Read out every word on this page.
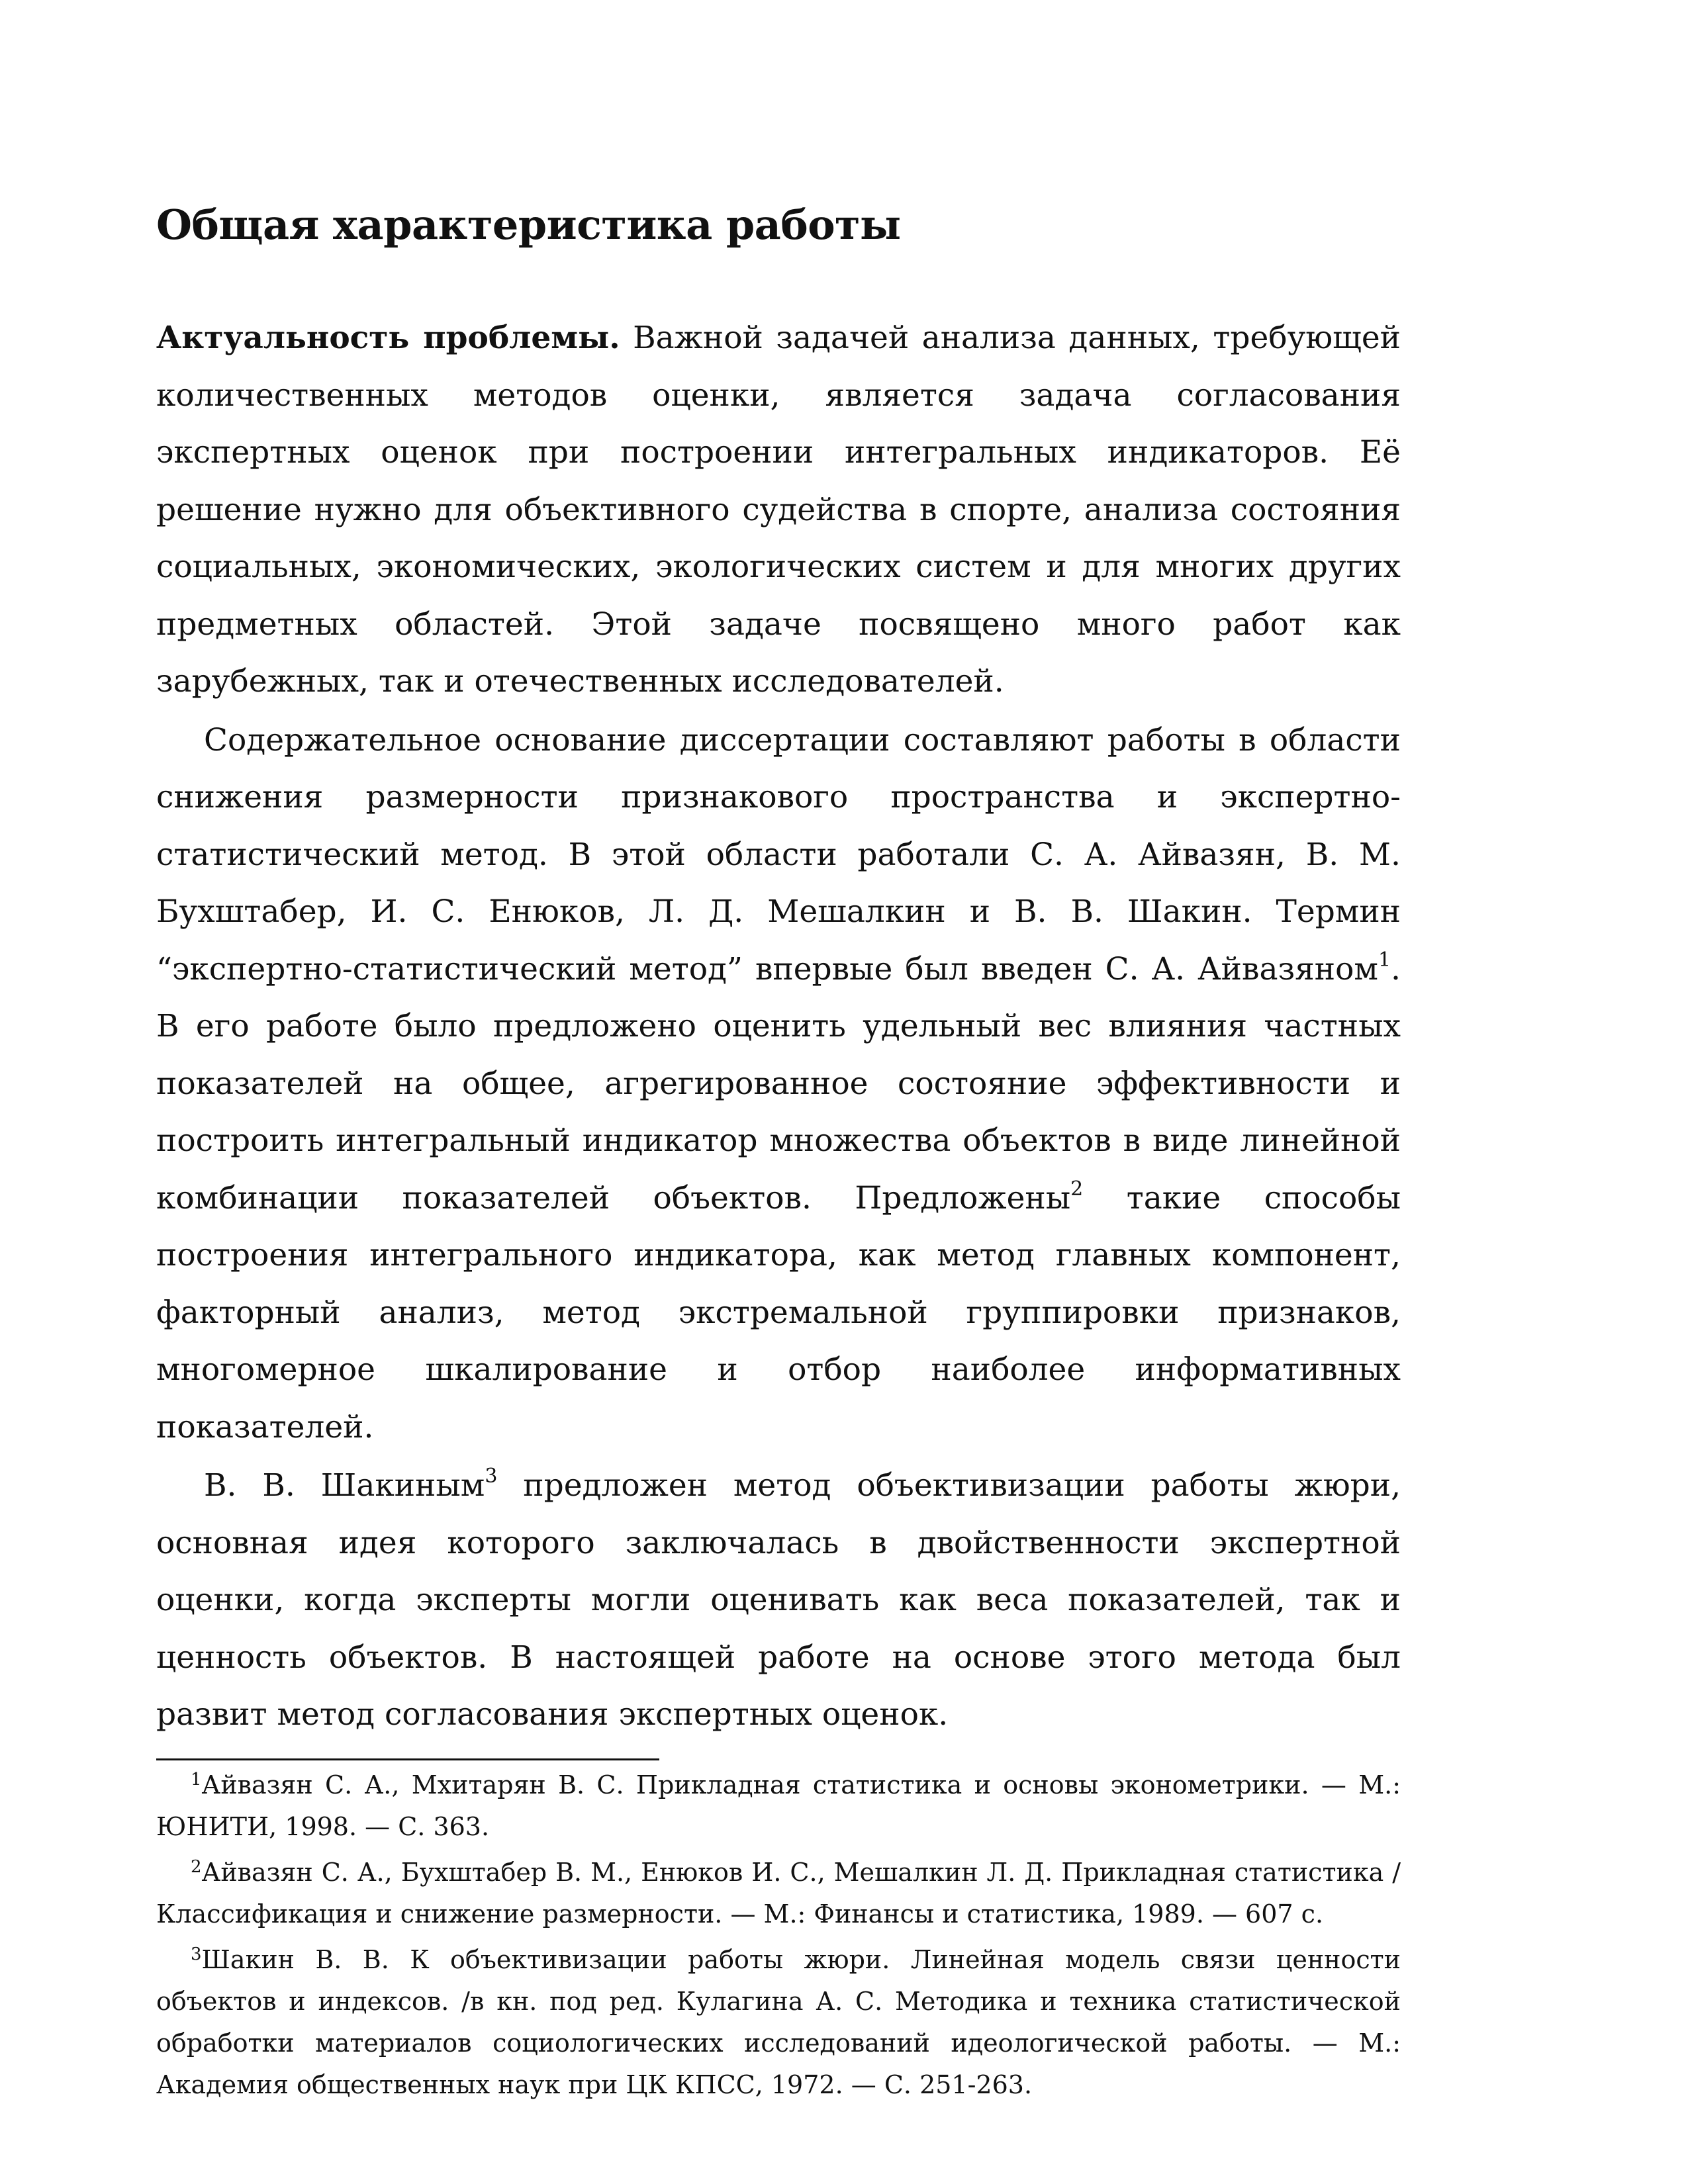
Общая характеристика работы

Актуальность проблемы. Важной задачей анализа данных, требующей количественных методов оценки, является задача согласования экспертных оценок при построении интегральных индикаторов. Её решение нужно для объективного судейства в спорте, анализа состояния социальных, экономических, экологических систем и для многих других предметных областей. Этой задаче посвящено много работ как зарубежных, так и отечественных исследователей.

Содержательное основание диссертации составляют работы в области снижения размерности признакового пространства и экспертно-статистический метод. В этой области работали С. А. Айвазян, В. М. Бухштабер, И. С. Енюков, Л. Д. Мешалкин и В. В. Шакин. Термин “экспертно-статистический метод” впервые был введен С. А. Айвазяном$^1$. В его работе было предложено оценить удельный вес влияния частных показателей на общее, агрегированное состояние эффективности и построить интегральный индикатор множества объектов в виде линейной комбинации показателей объектов. Предложены$^2$ такие способы построения интегрального индикатора, как метод главных компонент, факторный анализ, метод экстремальной группировки признаков, многомерное шкалирование и отбор наиболее информативных показателей.

В. В. Шакиным$^3$ предложен метод объективизации работы жюри, основная идея которого заключалась в двойственности экспертной оценки, когда эксперты могли оценивать как веса показателей, так и ценность объектов. В настоящей работе на основе этого метода был развит метод согласования экспертных оценок.

$^1$Айвазян С. А., Мхитарян В. С. Прикладная статистика и основы эконометрики. — М.: ЮНИТИ, 1998. — С. 363.

$^2$Айвазян С. А., Бухштабер В. М., Енюков И. С., Мешалкин Л. Д. Прикладная статистика /Классификация и снижение размерности. — М.: Финансы и статистика, 1989. — 607 с.

$^3$Шакин В. В. К объективизации работы жюри. Линейная модель связи ценности объектов и индексов. /в кн. под ред. Кулагина А. С. Методика и техника статистической обработки материалов социологических исследований идеологической работы. — М.: Академия общественных наук при ЦК КПСС, 1972. — С. 251-263.
